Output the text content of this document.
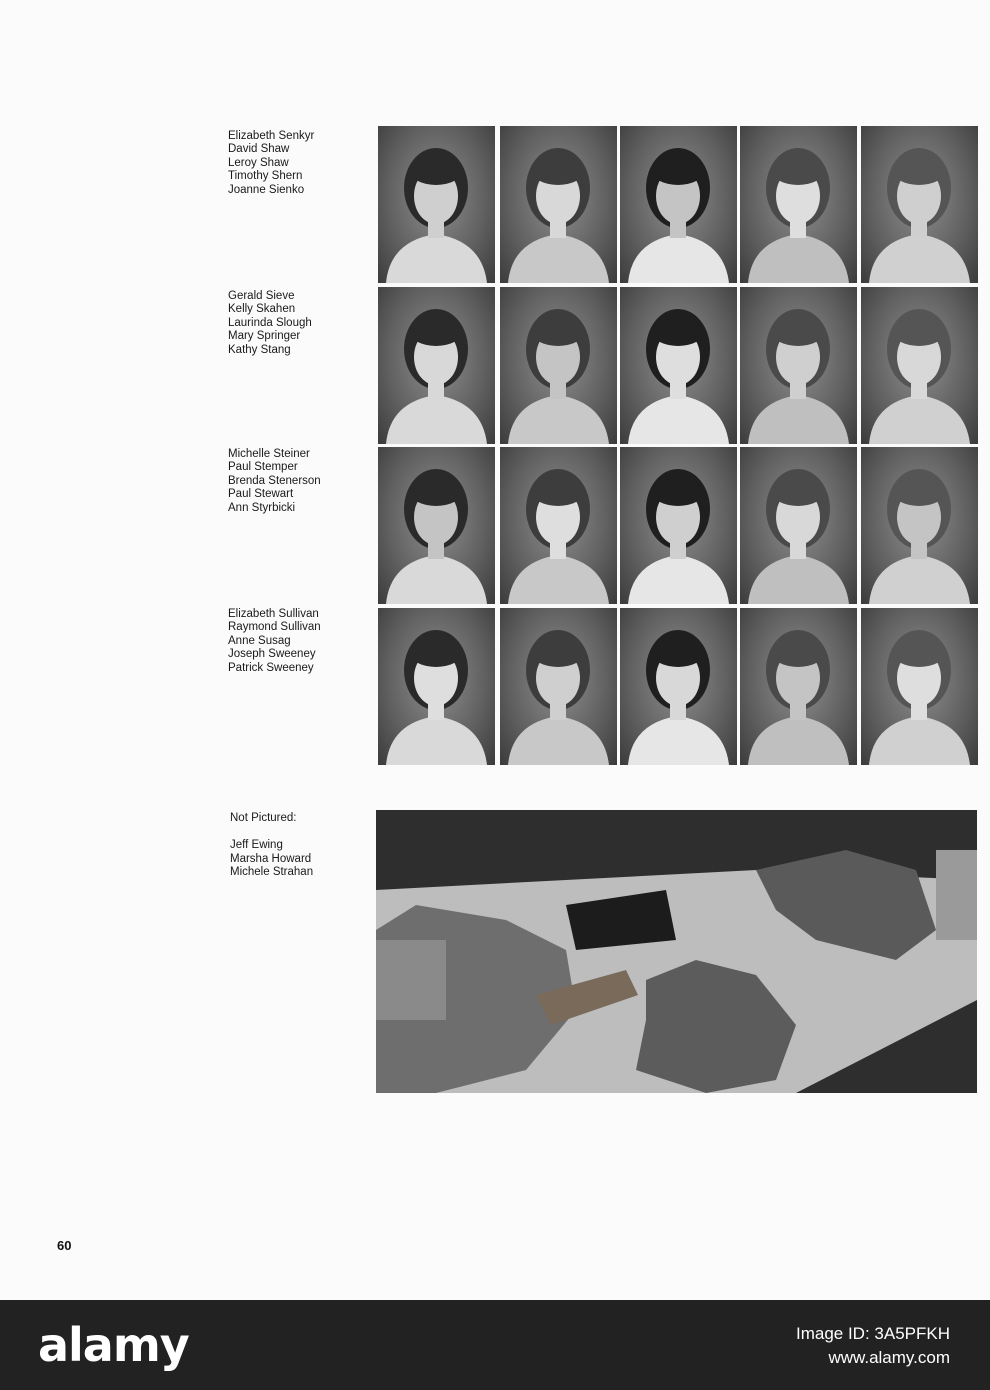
Elizabeth Senkyr
David Shaw
Leroy Shaw
Timothy Shern
Joanne Sienko
Gerald Sieve
Kelly Skahen
Laurinda Slough
Mary Springer
Kathy Stang
Michelle Steiner
Paul Stemper
Brenda Stenerson
Paul Stewart
Ann Styrbicki
Elizabeth Sullivan
Raymond Sullivan
Anne Susag
Joseph Sweeney
Patrick Sweeney
Not Pictured:
Jeff Ewing
Marsha Howard
Michele Strahan
60
alamy	Image ID: 3A5PFKH
www.alamy.com
